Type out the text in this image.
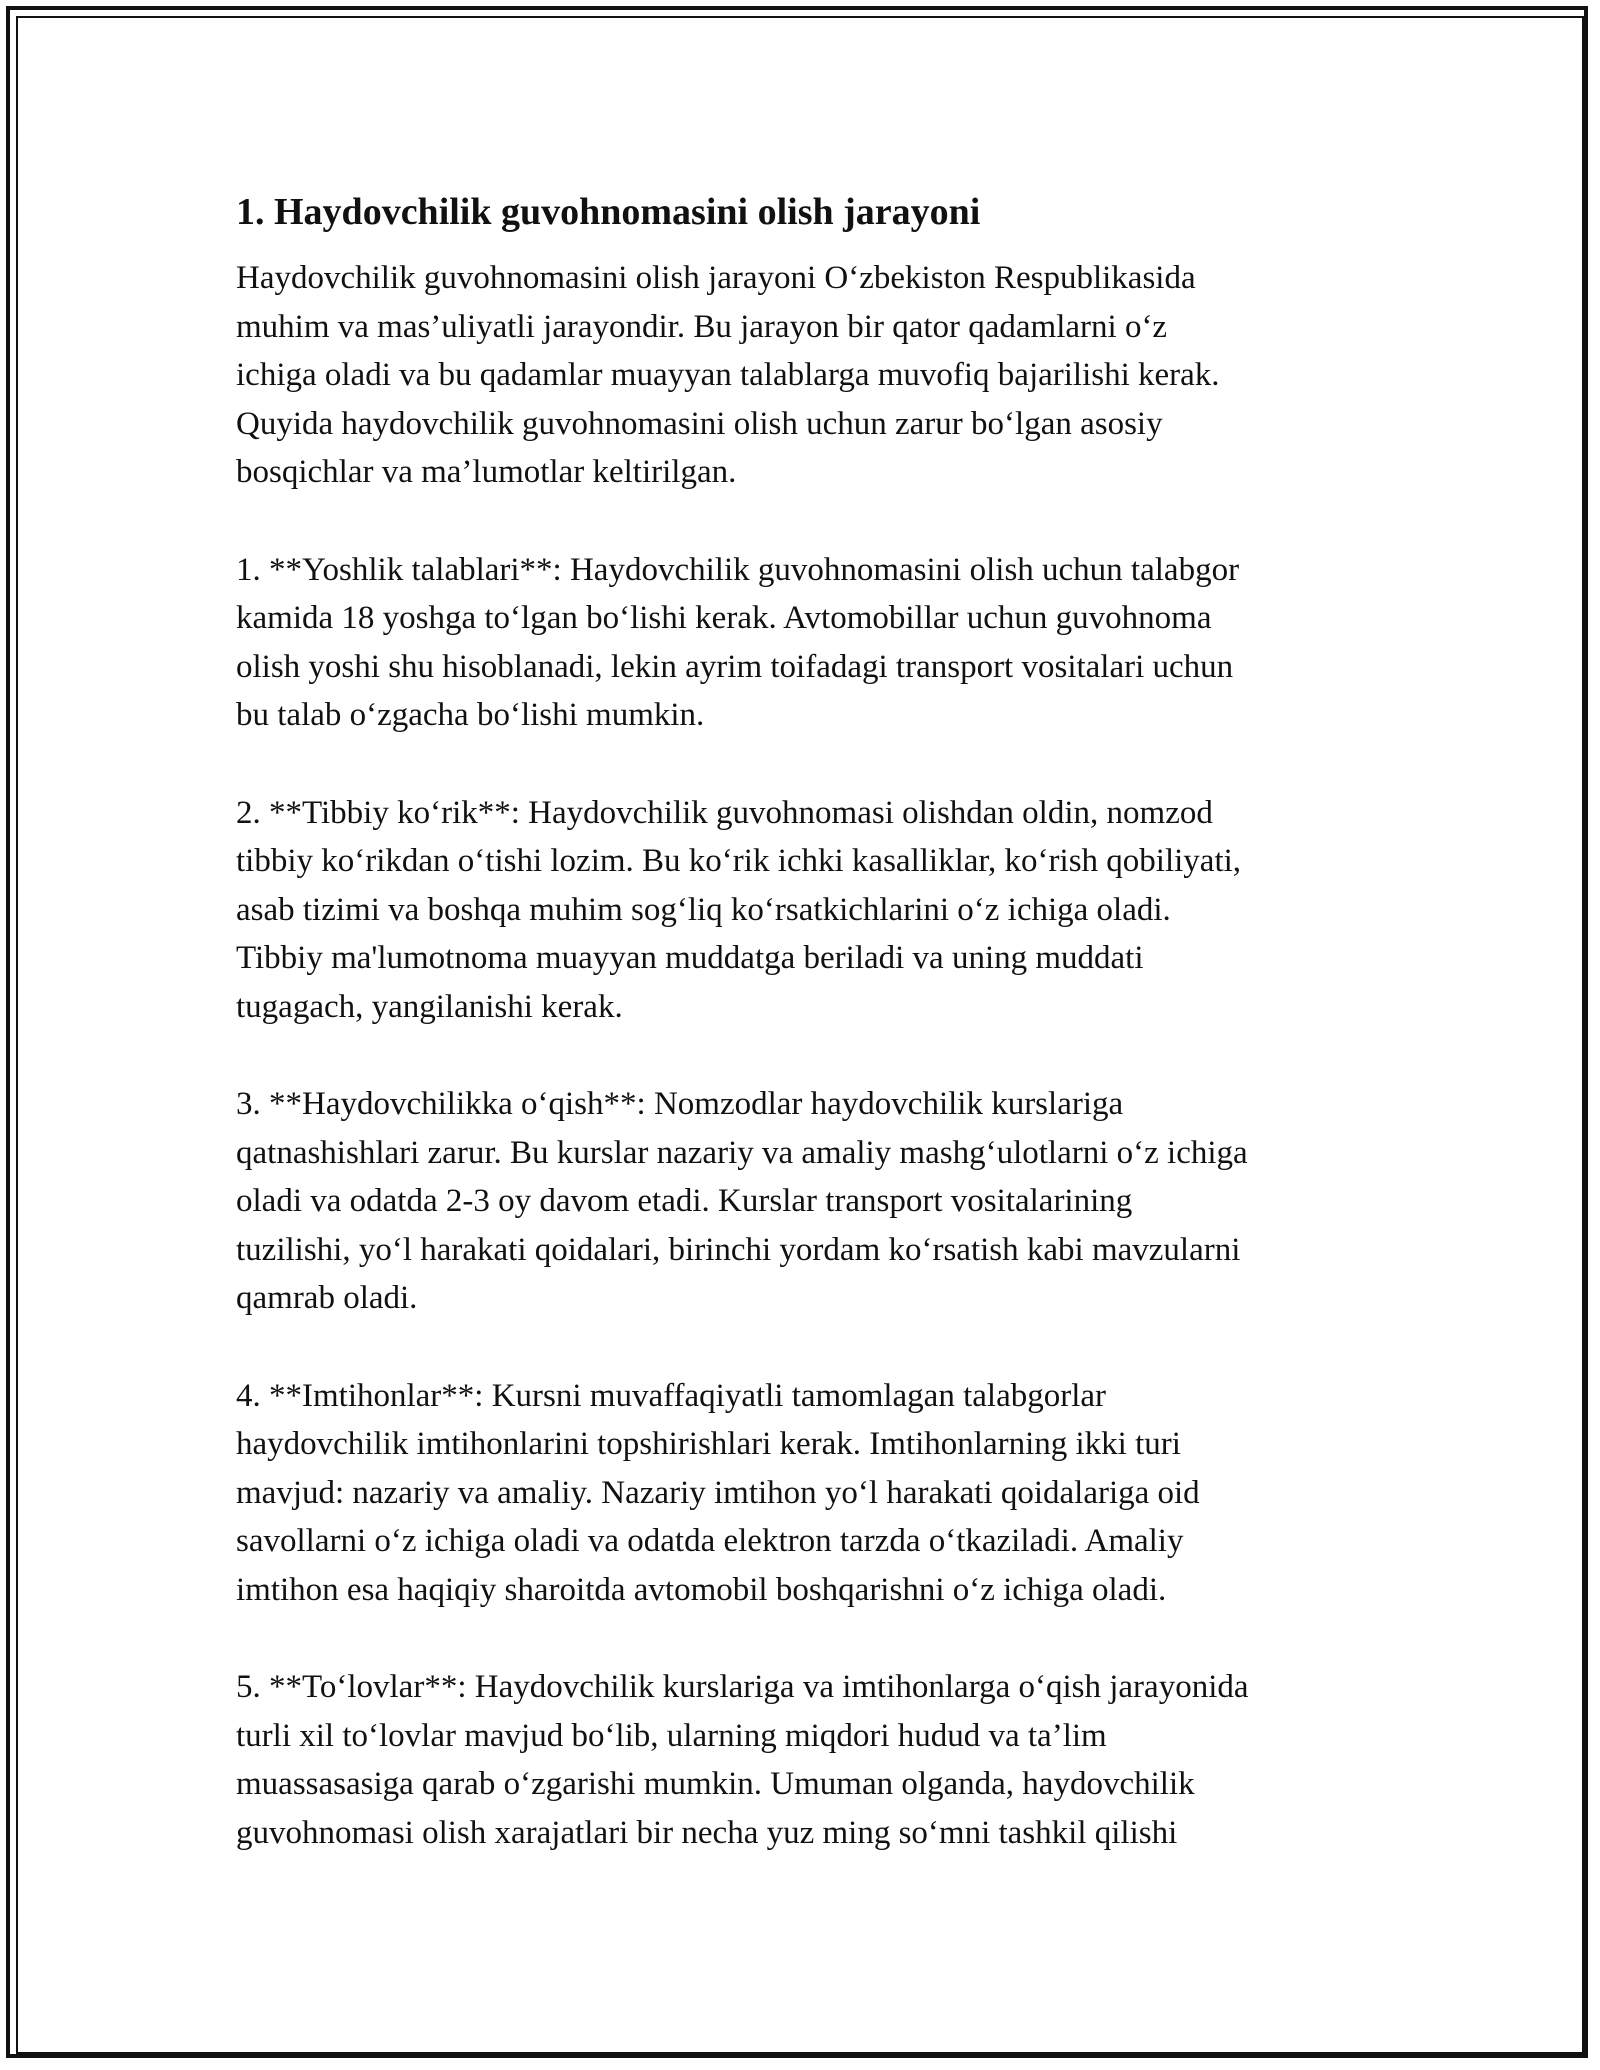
1. Haydovchilik guvohnomasini olish jarayoni

Haydovchilik guvohnomasini olish jarayoni O‘zbekiston Respublikasida
muhim va mas’uliyatli jarayondir. Bu jarayon bir qator qadamlarni o‘z
ichiga oladi va bu qadamlar muayyan talablarga muvofiq bajarilishi kerak.
Quyida haydovchilik guvohnomasini olish uchun zarur bo‘lgan asosiy
bosqichlar va ma’lumotlar keltirilgan.

1. **Yoshlik talablari**: Haydovchilik guvohnomasini olish uchun talabgor
kamida 18 yoshga to‘lgan bo‘lishi kerak. Avtomobillar uchun guvohnoma
olish yoshi shu hisoblanadi, lekin ayrim toifadagi transport vositalari uchun
bu talab o‘zgacha bo‘lishi mumkin.

2. **Tibbiy ko‘rik**: Haydovchilik guvohnomasi olishdan oldin, nomzod
tibbiy ko‘rikdan o‘tishi lozim. Bu ko‘rik ichki kasalliklar, ko‘rish qobiliyati,
asab tizimi va boshqa muhim sog‘liq ko‘rsatkichlarini o‘z ichiga oladi.
Tibbiy ma'lumotnoma muayyan muddatga beriladi va uning muddati
tugagach, yangilanishi kerak.

3. **Haydovchilikka o‘qish**: Nomzodlar haydovchilik kurslariga
qatnashishlari zarur. Bu kurslar nazariy va amaliy mashg‘ulotlarni o‘z ichiga
oladi va odatda 2-3 oy davom etadi. Kurslar transport vositalarining
tuzilishi, yo‘l harakati qoidalari, birinchi yordam ko‘rsatish kabi mavzularni
qamrab oladi.

4. **Imtihonlar**: Kursni muvaffaqiyatli tamomlagan talabgorlar
haydovchilik imtihonlarini topshirishlari kerak. Imtihonlarning ikki turi
mavjud: nazariy va amaliy. Nazariy imtihon yo‘l harakati qoidalariga oid
savollarni o‘z ichiga oladi va odatda elektron tarzda o‘tkaziladi. Amaliy
imtihon esa haqiqiy sharoitda avtomobil boshqarishni o‘z ichiga oladi.

5. **To‘lovlar**: Haydovchilik kurslariga va imtihonlarga o‘qish jarayonida
turli xil to‘lovlar mavjud bo‘lib, ularning miqdori hudud va ta’lim
muassasasiga qarab o‘zgarishi mumkin. Umuman olganda, haydovchilik
guvohnomasi olish xarajatlari bir necha yuz ming so‘mni tashkil qilishi
